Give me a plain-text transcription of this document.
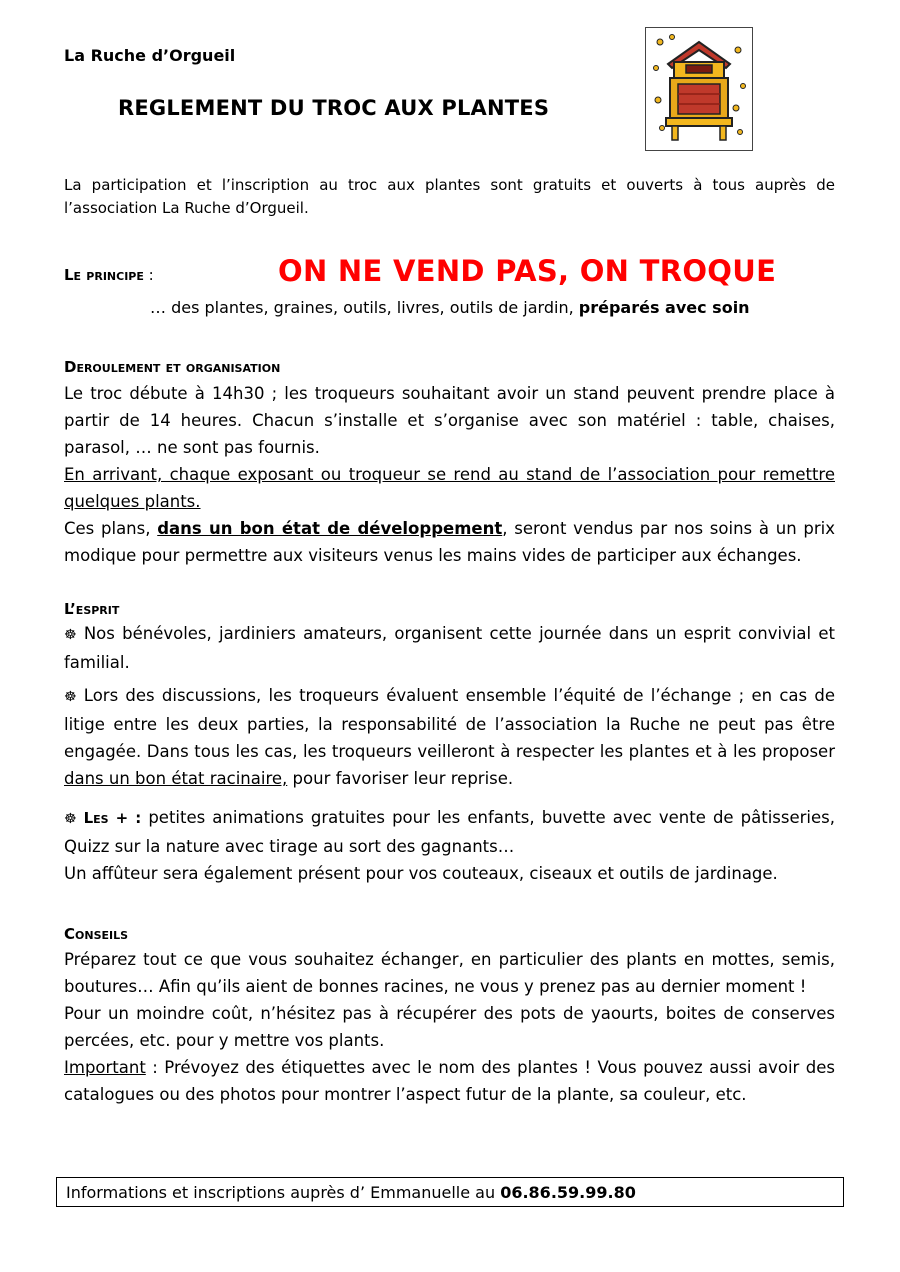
La Ruche d’Orgueil
REGLEMENT DU TROC AUX PLANTES
La participation et l’inscription au troc aux plantes sont gratuits et ouverts à tous auprès de l’association La Ruche d’Orgueil.
Le principe :	ON NE VEND PAS, ON TROQUE
… des plantes, graines, outils, livres, outils de jardin, préparés avec soin
Deroulement et organisation

Le troc débute à 14h30 ; les troqueurs souhaitant avoir un stand peuvent prendre place à partir de 14 heures. Chacun s’installe et s’organise avec son matériel : table, chaises, parasol, … ne sont pas fournis.

En arrivant, chaque exposant ou troqueur se rend au stand de l’association pour remettre quelques plants.

Ces plans, dans un bon état de développement, seront vendus par nos soins à un prix modique pour permettre aux visiteurs venus les mains vides de participer aux échanges.

L’esprit

☸ Nos bénévoles, jardiniers amateurs, organisent cette journée dans un esprit convivial et familial.

☸ Lors des discussions, les troqueurs évaluent ensemble l’équité de l’échange ; en cas de litige entre les deux parties, la responsabilité de l’association la Ruche ne peut pas être engagée. Dans tous les cas, les troqueurs veilleront à respecter les plantes et à les proposer dans un bon état racinaire, pour favoriser leur reprise.

☸ Les + : petites animations gratuites pour les enfants, buvette avec vente de pâtisseries, Quizz sur la nature avec tirage au sort des gagnants…

Un affûteur sera également présent pour vos couteaux, ciseaux et outils de jardinage.

Conseils

Préparez tout ce que vous souhaitez échanger, en particulier des plants en mottes, semis, boutures… Afin qu’ils aient de bonnes racines, ne vous y prenez pas au dernier moment !

Pour un moindre coût, n’hésitez pas à récupérer des pots de yaourts, boites de conserves percées, etc. pour y mettre vos plants.

Important : Prévoyez des étiquettes avec le nom des plantes ! Vous pouvez aussi avoir des catalogues ou des photos pour montrer l’aspect futur de la plante, sa couleur, etc.

Informations et inscriptions auprès d’ Emmanuelle au 06.86.59.99.80
